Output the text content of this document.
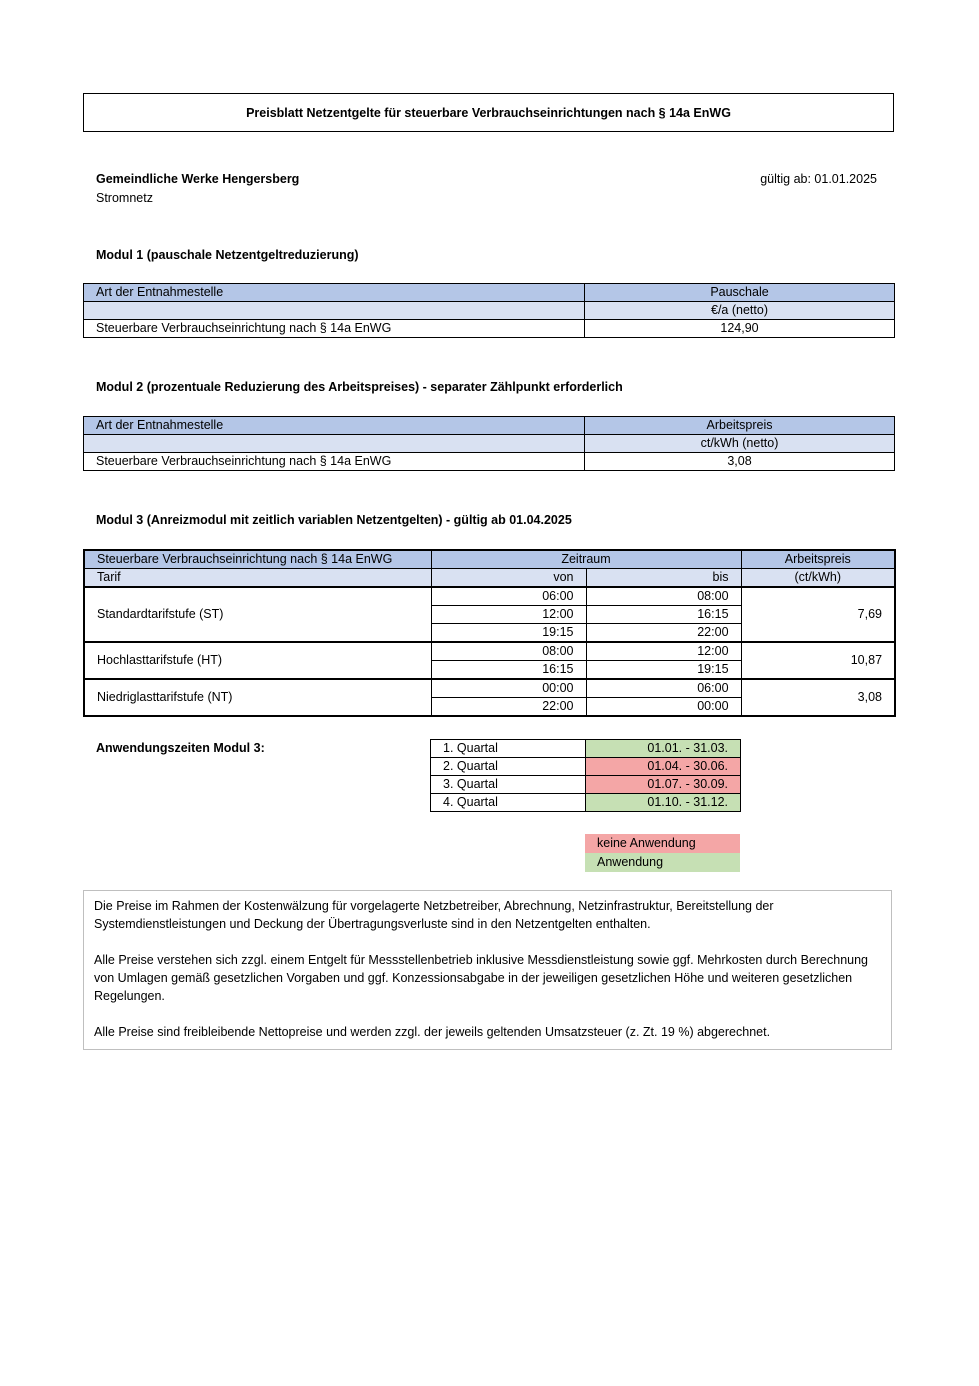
Preisblatt Netzentgelte für steuerbare Verbrauchseinrichtungen nach § 14a EnWG
Gemeindliche Werke Hengersberg
Stromnetz
gültig ab: 01.01.2025
Modul 1 (pauschale Netzentgeltreduzierung)
Art der Entnahmestelle	Pauschale
	€/a (netto)
Steuerbare Verbrauchseinrichtung nach § 14a EnWG	124,90
Modul 2 (prozentuale Reduzierung des Arbeitspreises) - separater Zählpunkt erforderlich
Art der Entnahmestelle	Arbeitspreis
	ct/kWh (netto)
Steuerbare Verbrauchseinrichtung nach § 14a EnWG	3,08
Modul 3 (Anreizmodul mit zeitlich variablen Netzentgelten) - gültig ab 01.04.2025
Steuerbare Verbrauchseinrichtung nach § 14a EnWG	Zeitraum		Arbeitspreis
Tarif	von	bis	(ct/kWh)
Standardtarifstufe (ST)	06:00	08:00	7,69
	12:00	16:15	
	19:15	22:00	
Hochlasttarifstufe (HT)	08:00	12:00	10,87
	16:15	19:15	
Niedriglasttarifstufe (NT)	00:00	06:00	3,08
	22:00	00:00	
Anwendungszeiten Modul 3:	1. Quartal	01.01. - 31.03.
2. Quartal	01.04. - 30.06.
3. Quartal	01.07. - 30.09.
4. Quartal	01.10. - 31.12.
keine Anwendung
Anwendung

Die Preise im Rahmen der Kostenwälzung für vorgelagerte Netzbetreiber, Abrechnung, Netzinfrastruktur, Bereitstellung der Systemdienstleistungen und Deckung der Übertragungsverluste sind in den Netzentgelten enthalten.

Alle Preise verstehen sich zzgl. einem Entgelt für Messstellenbetrieb inklusive Messdienstleistung sowie ggf. Mehrkosten durch Berechnung von Umlagen gemäß gesetzlichen Vorgaben und ggf. Konzessionsabgabe in der jeweiligen gesetzlichen Höhe und weiteren gesetzlichen Regelungen.

Alle Preise sind freibleibende Nettopreise und werden zzgl. der jeweils geltenden Umsatzsteuer (z. Zt. 19 %) abgerechnet.
